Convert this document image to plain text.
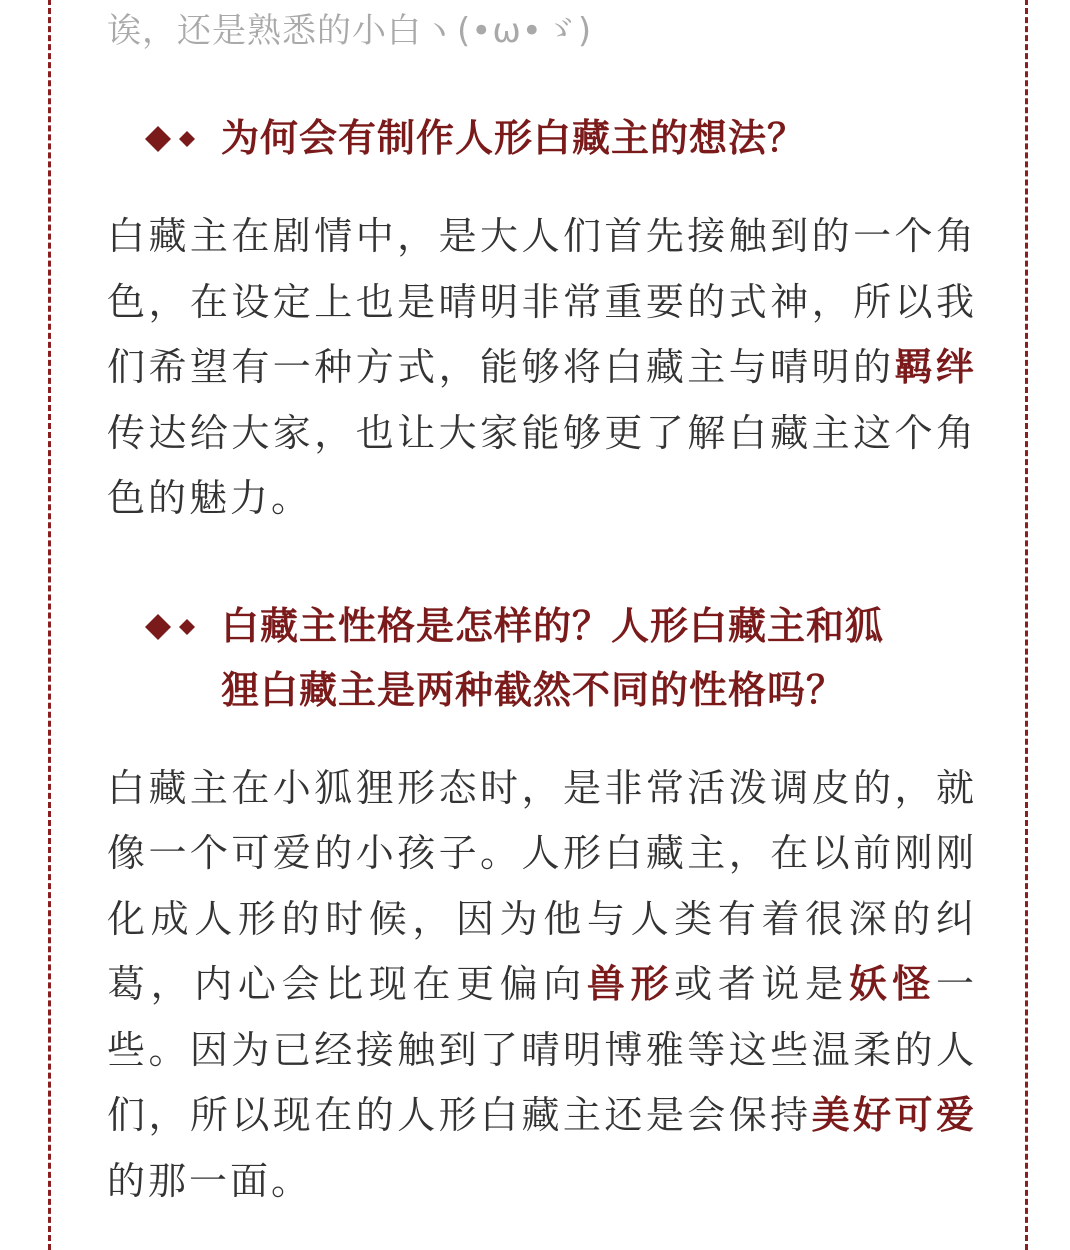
诶，还是熟悉的小白ヽ(•ω•ゞ)

为何会有制作人形白藏主的想法？

白藏主在剧情中，是大人们首先接触到的一个角色，在设定上也是晴明非常重要的式神，所以我们希望有一种方式，能够将白藏主与晴明的羁绊传达给大家，也让大家能够更了解白藏主这个角色的魅力。

白藏主性格是怎样的？人形白藏主和狐
狸白藏主是两种截然不同的性格吗？

白藏主在小狐狸形态时，是非常活泼调皮的，就像一个可爱的小孩子。人形白藏主，在以前刚刚化成人形的时候，因为他与人类有着很深的纠葛，内心会比现在更偏向兽形或者说是妖怪一些。因为已经接触到了晴明博雅等这些温柔的人们，所以现在的人形白藏主还是会保持美好可爱的那一面。
